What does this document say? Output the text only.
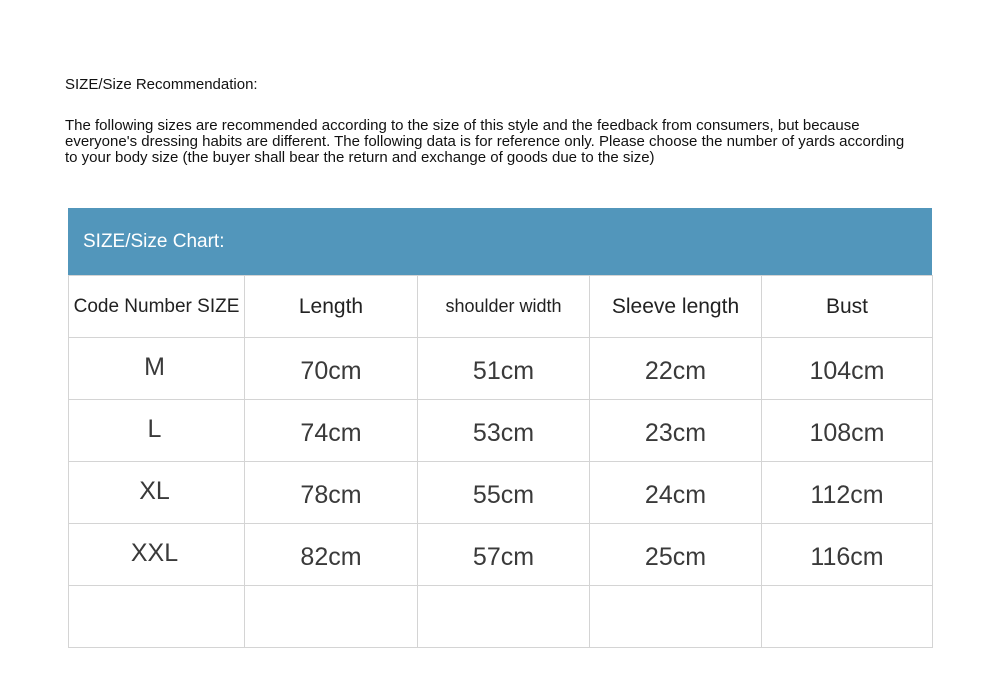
SIZE/Size Recommendation:
The following sizes are recommended according to the size of this style and the feedback from consumers, but because everyone's dressing habits are different. The following data is for reference only. Please choose the number of yards according to your body size (the buyer shall bear the return and exchange of goods due to the size)
SIZE/Size Chart:
Code Number SIZE	Length	shoulder width	Sleeve length	Bust
M	70cm	51cm	22cm	104cm
L	74cm	53cm	23cm	108cm
XL	78cm	55cm	24cm	112cm
XXL	82cm	57cm	25cm	116cm
